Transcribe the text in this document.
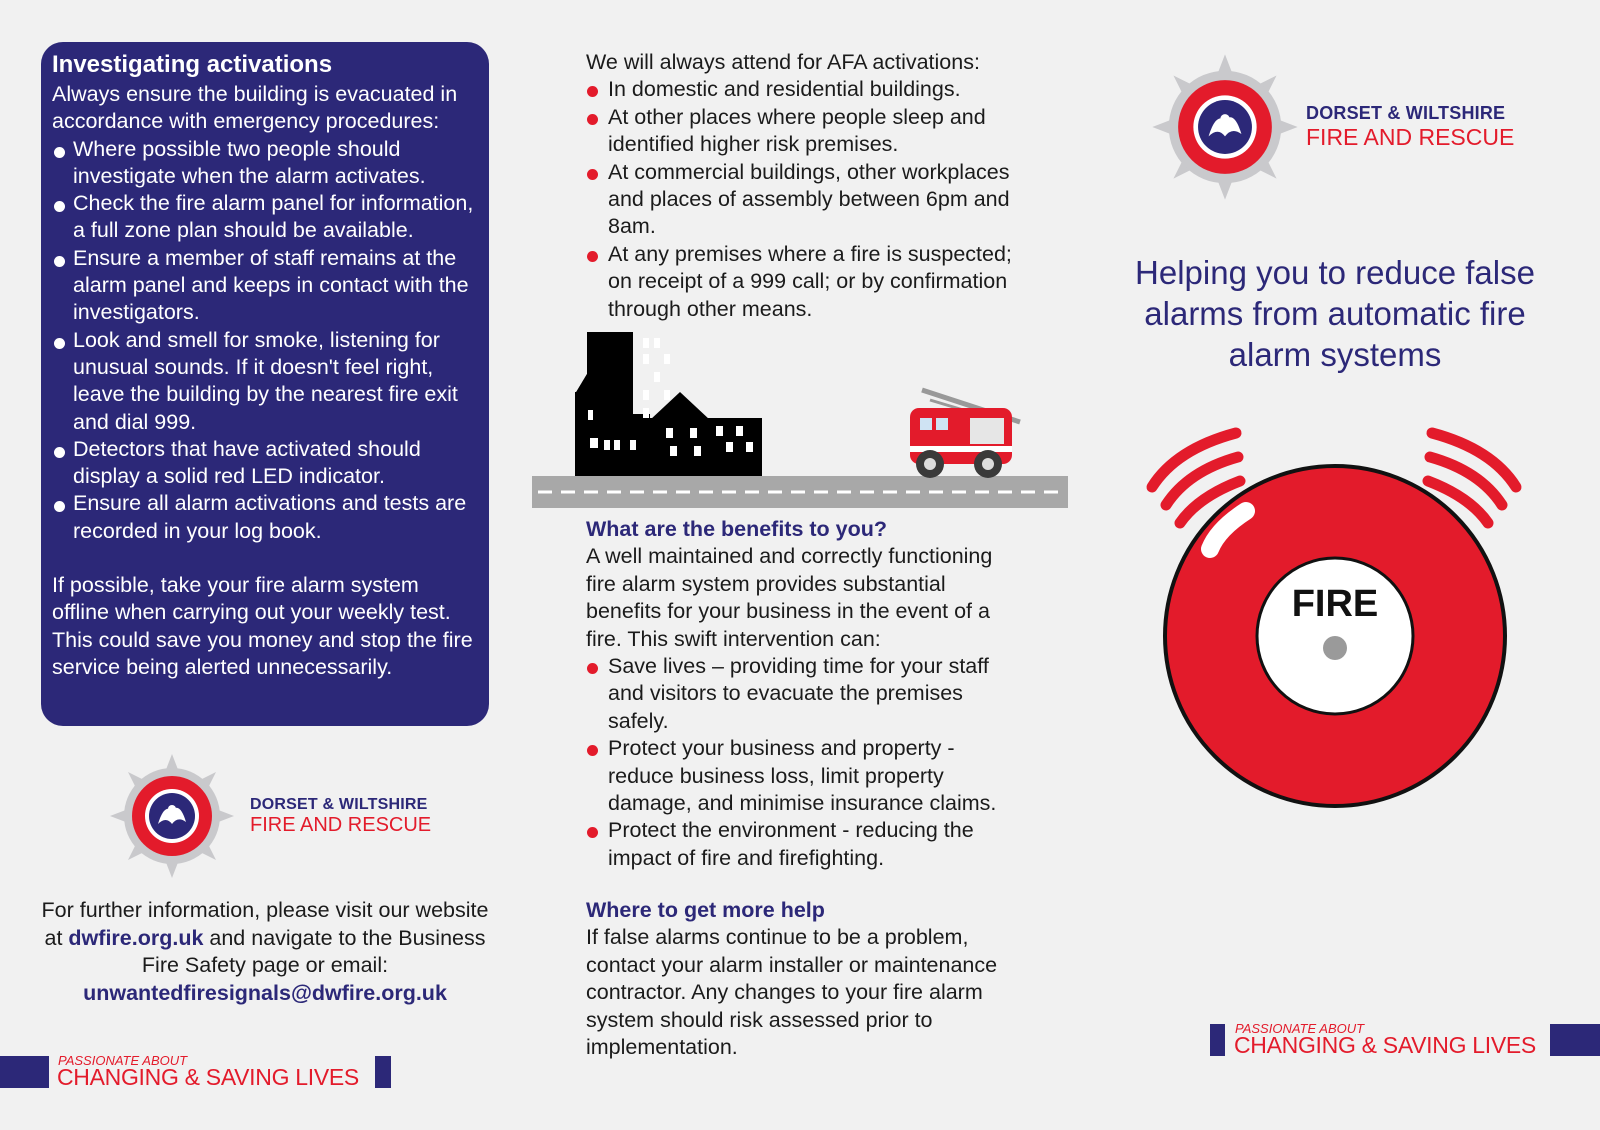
Investigating activations

Always ensure the building is evacuated in accordance with emergency procedures:

Where possible two people should investigate when the alarm activates.
Check the fire alarm panel for information, a full zone plan should be available.
Ensure a member of staff remains at the alarm panel and keeps in contact with the investigators.
Look and smell for smoke, listening for unusual sounds. If it doesn't feel right, leave the building by the nearest fire exit and dial 999.
Detectors that have activated should display a solid red LED indicator.
Ensure all alarm activations and tests are recorded in your log book.

If possible, take your fire alarm system offline when carrying out your weekly test. This could save you money and stop the fire service being alerted unnecessarily.

DORSET & WILTSHIRE
FIRE AND RESCUE
For further information, please visit our website at dwfire.org.uk and navigate to the Business Fire Safety page or email:
unwantedfiresignals@dwfire.org.uk
PASSIONATE ABOUT
CHANGING & SAVING LIVES

We will always attend for AFA activations:

In domestic and residential buildings.
At other places where people sleep and identified higher risk premises.
At commercial buildings, other workplaces and places of assembly between 6pm and 8am.
At any premises where a fire is suspected; on receipt of a 999 call; or by confirmation through other means.
What are the benefits to you?

A well maintained and correctly functioning fire alarm system provides substantial benefits for your business in the event of a fire. This swift intervention can:

Save lives – providing time for your staff and visitors to evacuate the premises safely.
Protect your business and property - reduce business loss, limit property damage, and minimise insurance claims.
Protect the environment - reducing the impact of fire and firefighting.
Where to get more help

If false alarms continue to be a problem, contact your alarm installer or maintenance contractor. Any changes to your fire alarm system should risk assessed prior to implementation.

DORSET & WILTSHIRE
FIRE AND RESCUE
Helping you to reduce false alarms from automatic fire alarm systems
FIRE
PASSIONATE ABOUT
CHANGING & SAVING LIVES
